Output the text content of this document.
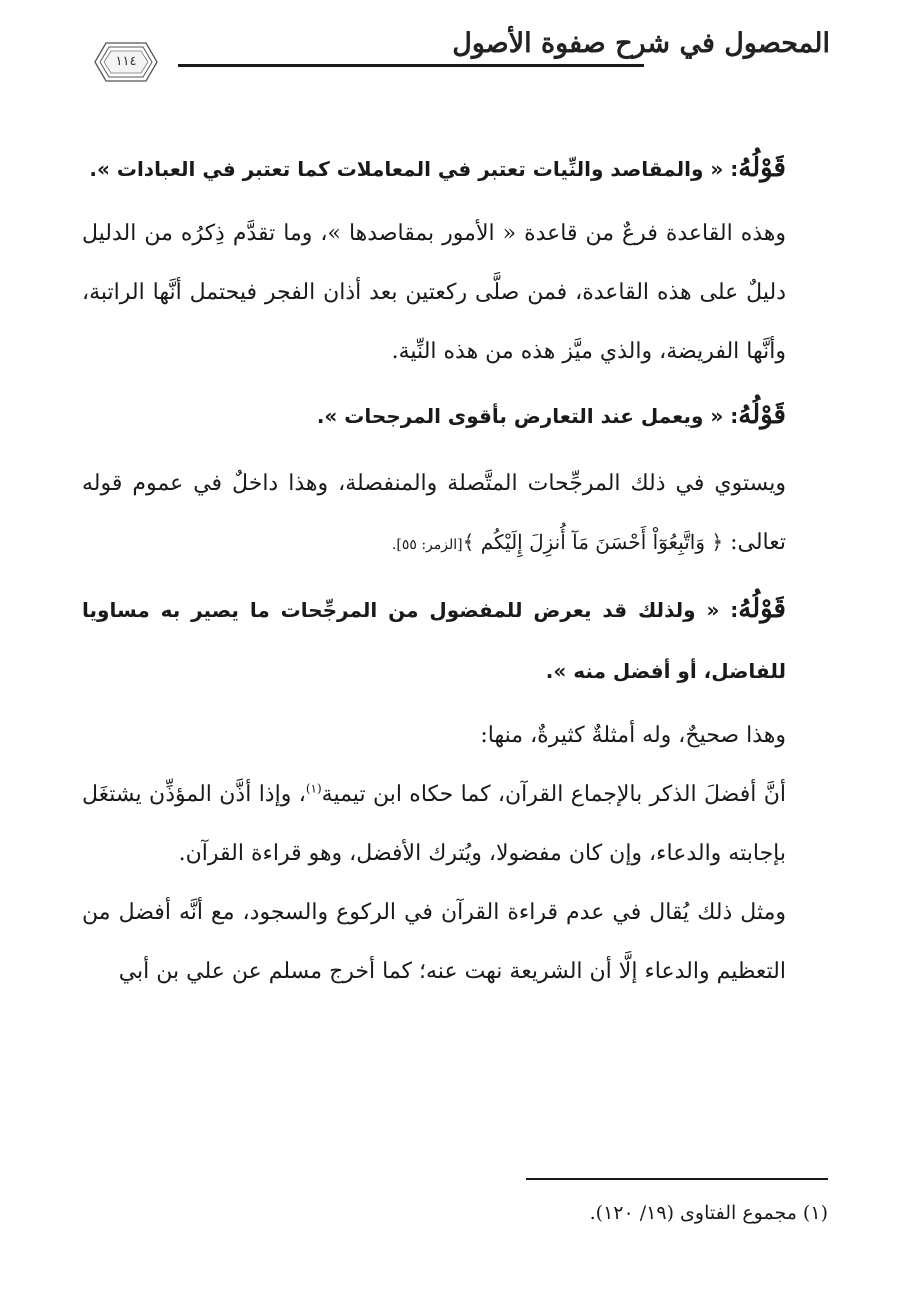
المحصول في شرح صفوة الأصول
١١٤

قَوْلُهُ: « والمقاصد والنِّيات تعتبر في المعاملات كما تعتبر في العبادات ».

وهذه القاعدة فرعٌ من قاعدة « الأمور بمقاصدها »، وما تقدَّم ذِكرُه من الدليل دليلٌ على هذه القاعدة، فمن صلَّى ركعتين بعد أذان الفجر فيحتمل أنَّها الراتبة، وأنَّها الفريضة، والذي ميَّز هذه من هذه النِّية.

قَوْلُهُ: « ويعمل عند التعارض بأقوى المرجحات ».

ويستوي في ذلك المرجِّحات المتَّصلة والمنفصلة، وهذا داخلٌ في عموم قوله تعالى: ﴿ وَاتَّبِعُوٓاْ أَحْسَنَ مَآ أُنزِلَ إِلَيْكُم ﴾[الزمر: ٥٥].

قَوْلُهُ: « ولذلك قد يعرض للمفضول من المرجِّحات ما يصير به مساويا للفاضل، أو أفضل منه ».

وهذا صحيحٌ، وله أمثلةٌ كثيرةٌ، منها:

أنَّ أفضلَ الذكر بالإجماع القرآن، كما حكاه ابن تيمية$^{(١)}$، وإذا أذَّن المؤذِّن يشتغَل بإجابته والدعاء، وإن كان مفضولا، ويُترك الأفضل، وهو قراءة القرآن.

ومثل ذلك يُقال في عدم قراءة القرآن في الركوع والسجود، مع أنَّه أفضل من التعظيم والدعاء إلَّا أن الشريعة نهت عنه؛ كما أخرج مسلم عن علي بن أبي

(١) مجموع الفتاوى (١٩/ ١٢٠).
